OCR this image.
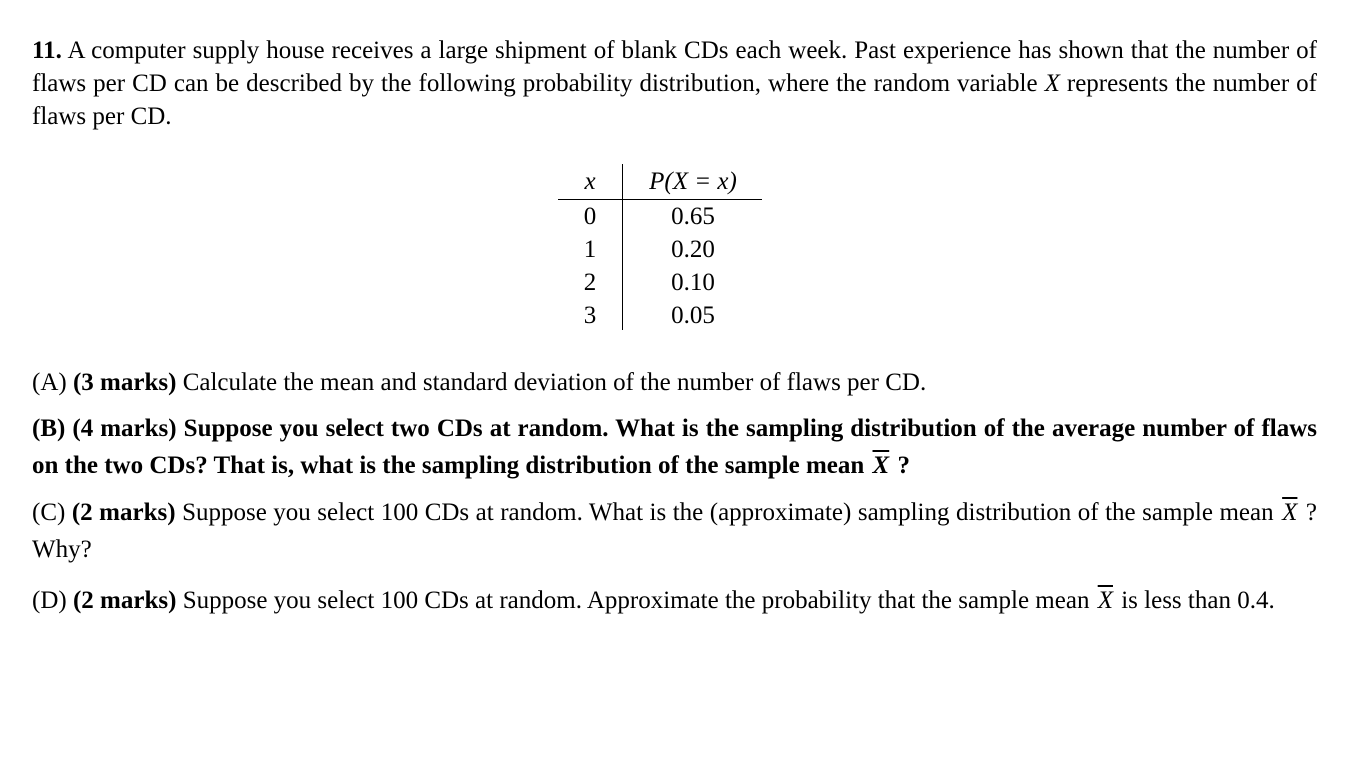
11. A computer supply house receives a large shipment of blank CDs each week. Past experience has shown that the number of flaws per CD can be described by the following probability distribution, where the random variable X represents the number of flaws per CD.

x
0
1
2
3
P(X = x)
0.65
0.20
0.10
0.05

(A) (3 marks) Calculate the mean and standard deviation of the number of flaws per CD.

(B) (4 marks) Suppose you select two CDs at random. What is the sampling distribution of the average number of flaws on the two CDs? That is, what is the sampling distribution of the sample mean $\overline{X}$ ?

(C) (2 marks) Suppose you select 100 CDs at random. What is the (approximate) sampling distribution of the sample mean $\overline{X}$ ? Why?

(D) (2 marks) Suppose you select 100 CDs at random. Approximate the probability that the sample mean $\overline{X}$ is less than 0.4.
